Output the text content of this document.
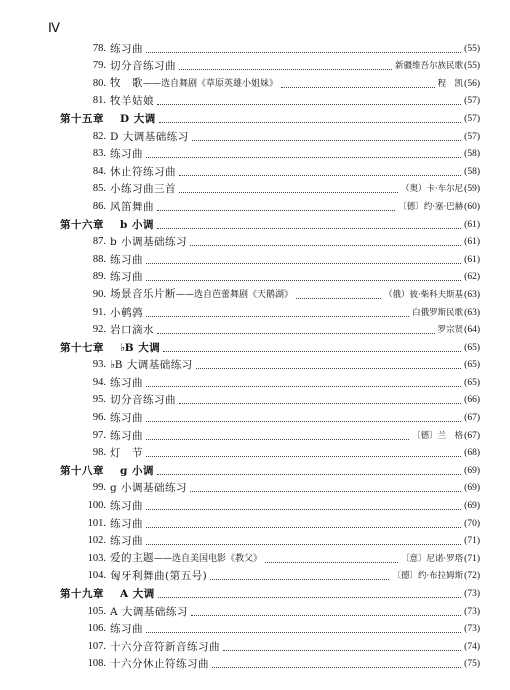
Ⅳ
78. 练习曲	(55)
79. 切分音练习曲	新疆维吾尔族民歌 (55)
80. 牧　歌——选自舞剧《草原英雄小姐妹》	程　凯 (56)
81. 牧羊姑娘	(57)
第十五章	D 大调	(57)
82. D 大调基础练习	(57)
83. 练习曲	(58)
84. 休止符练习曲	(58)
85. 小练习曲三首	（奥）卡·车尔尼 (59)
86. 风笛舞曲	〔德〕约·塞·巴赫 (60)
第十六章	b 小调	(61)
87. b 小调基础练习	(61)
88. 练习曲	(61)
89. 练习曲	(62)
90. 场景音乐片断——选自芭蕾舞剧《天鹅湖》	（俄）彼·柴科夫斯基 (63)
91. 小鹌鹑	白俄罗斯民歌 (63)
92. 岩口滴水	罗宗贤 (64)
第十七章	♭B 大调	(65)
93. ♭B 大调基础练习	(65)
94. 练习曲	(65)
95. 切分音练习曲	(66)
96. 练习曲	(67)
97. 练习曲	〔德〕兰　格 (67)
98. 灯　节	(68)
第十八章	g 小调	(69)
99. g 小调基础练习	(69)
100. 练习曲	(69)
101. 练习曲	(70)
102. 练习曲	(71)
103. 爱的主题——选自美国电影《教父》	〔意〕尼诺·罗塔 (71)
104. 匈牙利舞曲(第五号)	〔德〕约·布拉姆斯 (72)
第十九章	A 大调	(73)
105. A 大调基础练习	(73)
106. 练习曲	(73)
107. 十六分音符新音练习曲	(74)
108. 十六分休止符练习曲	(75)
